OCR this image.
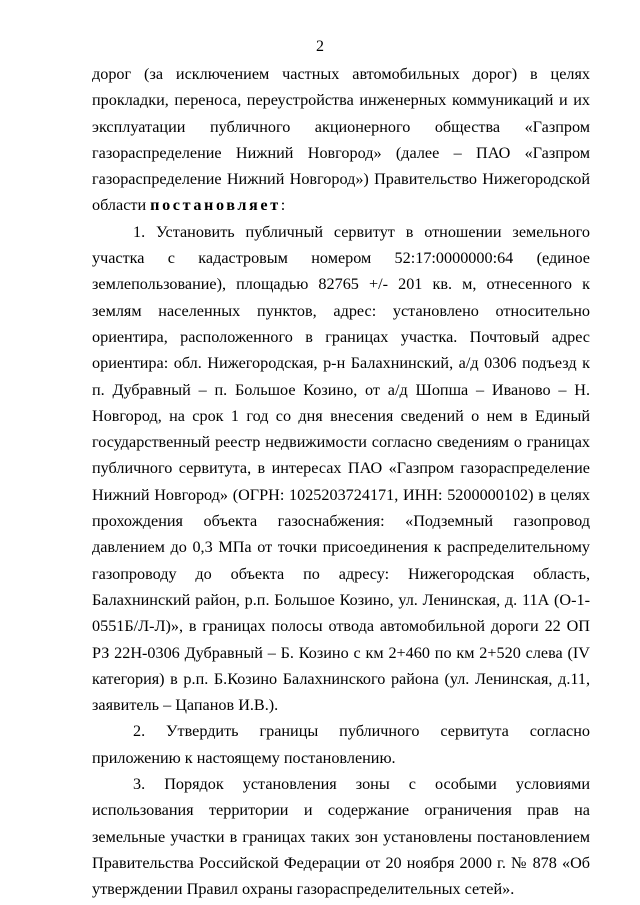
2

дорог (за исключением частных автомобильных дорог) в целях прокладки, переноса, переустройства инженерных коммуникаций и их эксплуатации публичного акционерного общества «Газпром газораспределение Нижний Новгород» (далее – ПАО «Газпром газораспределение Нижний Новгород») Правительство Нижегородской области постановляет:

1. Установить публичный сервитут в отношении земельного участка с кадастровым номером 52:17:0000000:64 (единое землепользование), площадью 82765 +/- 201 кв. м, отнесенного к землям населенных пунктов, адрес: установлено относительно ориентира, расположенного в границах участка. Почтовый адрес ориентира: обл. Нижегородская, р-н Балахнинский, а/д 0306 подъезд к п. Дубравный – п. Большое Козино, от а/д Шопша – Иваново – Н. Новгород, на срок 1 год со дня внесения сведений о нем в Единый государственный реестр недвижимости согласно сведениям о границах публичного сервитута, в интересах ПАО «Газпром газораспределение Нижний Новгород» (ОГРН: 1025203724171, ИНН: 5200000102) в целях прохождения объекта газоснабжения: «Подземный газопровод давлением до 0,3 МПа от точки присоединения к распределительному газопроводу до объекта по адресу: Нижегородская область, Балахнинский район, р.п. Большое Козино, ул. Ленинская, д. 11А (О-1-0551Б/Л-Л)», в границах полосы отвода автомобильной дороги 22 ОП РЗ 22Н-0306 Дубравный – Б. Козино с км 2+460 по км 2+520 слева (IV категория) в р.п. Б.Козино Балахнинского района (ул. Ленинская, д.11, заявитель – Цапанов И.В.).

2. Утвердить границы публичного сервитута согласно приложению к настоящему постановлению.

3. Порядок установления зоны с особыми условиями использования территории и содержание ограничения прав на земельные участки в границах таких зон установлены постановлением Правительства Российской Федерации от 20 ноября 2000 г. № 878 «Об утверждении Правил охраны газораспределительных сетей».
